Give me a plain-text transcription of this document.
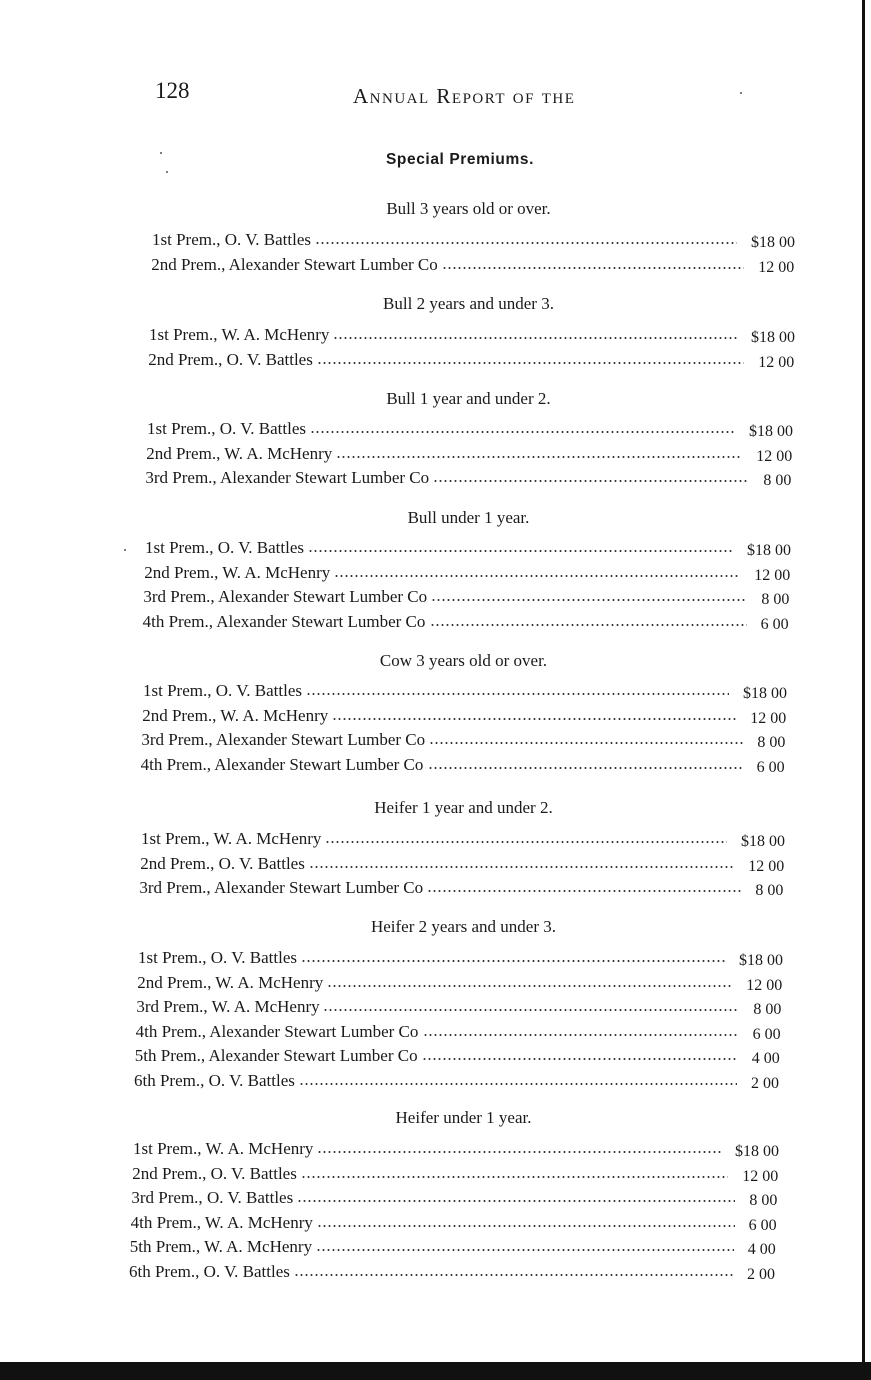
128	Annual Report of the
Special Premiums.
Bull 3 years old or over.
1st Prem., O. V. Battles	$18 00
2nd Prem., Alexander Stewart Lumber Co	12 00
Bull 2 years and under 3.
1st Prem., W. A. McHenry	$18 00
2nd Prem., O. V. Battles	12 00
Bull 1 year and under 2.
1st Prem., O. V. Battles	$18 00
2nd Prem., W. A. McHenry	12 00
3rd Prem., Alexander Stewart Lumber Co	8 00
Bull under 1 year.
1st Prem., O. V. Battles	$18 00
2nd Prem., W. A. McHenry	12 00
3rd Prem., Alexander Stewart Lumber Co	8 00
4th Prem., Alexander Stewart Lumber Co	6 00
Cow 3 years old or over.
1st Prem., O. V. Battles	$18 00
2nd Prem., W. A. McHenry	12 00
3rd Prem., Alexander Stewart Lumber Co	8 00
4th Prem., Alexander Stewart Lumber Co	6 00
Heifer 1 year and under 2.
1st Prem., W. A. McHenry	$18 00
2nd Prem., O. V. Battles	12 00
3rd Prem., Alexander Stewart Lumber Co	8 00
Heifer 2 years and under 3.
1st Prem., O. V. Battles	$18 00
2nd Prem., W. A. McHenry	12 00
3rd Prem., W. A. McHenry	8 00
4th Prem., Alexander Stewart Lumber Co	6 00
5th Prem., Alexander Stewart Lumber Co	4 00
6th Prem., O. V. Battles	2 00
Heifer under 1 year.
1st Prem., W. A. McHenry	$18 00
2nd Prem., O. V. Battles	12 00
3rd Prem., O. V. Battles	8 00
4th Prem., W. A. McHenry	6 00
5th Prem., W. A. McHenry	4 00
6th Prem., O. V. Battles	2 00
